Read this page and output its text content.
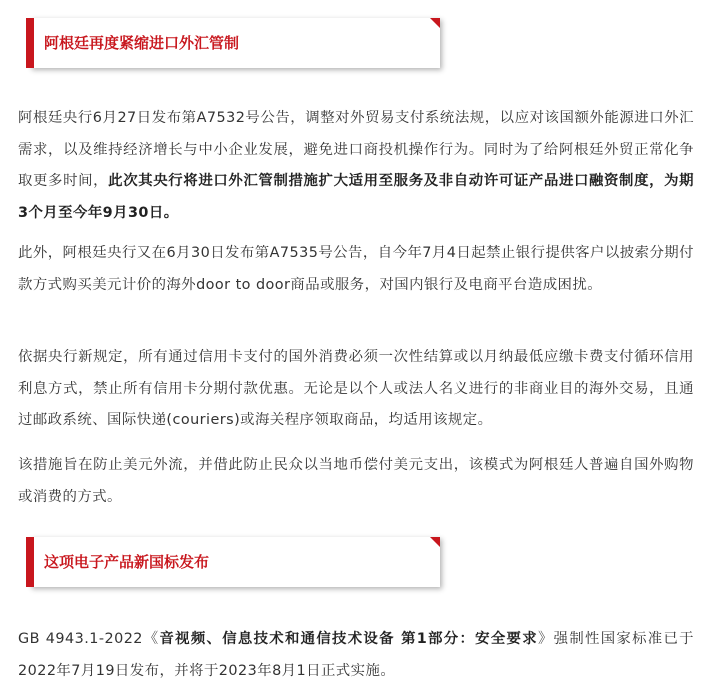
阿根廷再度紧缩进口外汇管制

阿根廷央行6月27日发布第A7532号公告，调整对外贸易支付系统法规，以应对该国额外能源进口外汇需求，以及维持经济增长与中小企业发展，避免进口商投机操作行为。同时为了给阿根廷外贸正常化争取更多时间，此次其央行将进口外汇管制措施扩大适用至服务及非自动许可证产品进口融资制度，为期3个月至今年9月30日。

此外，阿根廷央行又在6月30日发布第A7535号公告，自今年7月4日起禁止银行提供客户以披索分期付款方式购买美元计价的海外door to door商品或服务，对国内银行及电商平台造成困扰。

依据央行新规定，所有通过信用卡支付的国外消费必须一次性结算或以月纳最低应缴卡费支付循环信用利息方式，禁止所有信用卡分期付款优惠。无论是以个人或法人名义进行的非商业目的海外交易，且通过邮政系统、国际快递(couriers)或海关程序领取商品，均适用该规定。

该措施旨在防止美元外流，并借此防止民众以当地币偿付美元支出，该模式为阿根廷人普遍自国外购物或消费的方式。

这项电子产品新国标发布

GB 4943.1-2022《音视频、信息技术和通信技术设备 第1部分：安全要求》强制性国家标准已于2022年7月19日发布，并将于2023年8月1日正式实施。
